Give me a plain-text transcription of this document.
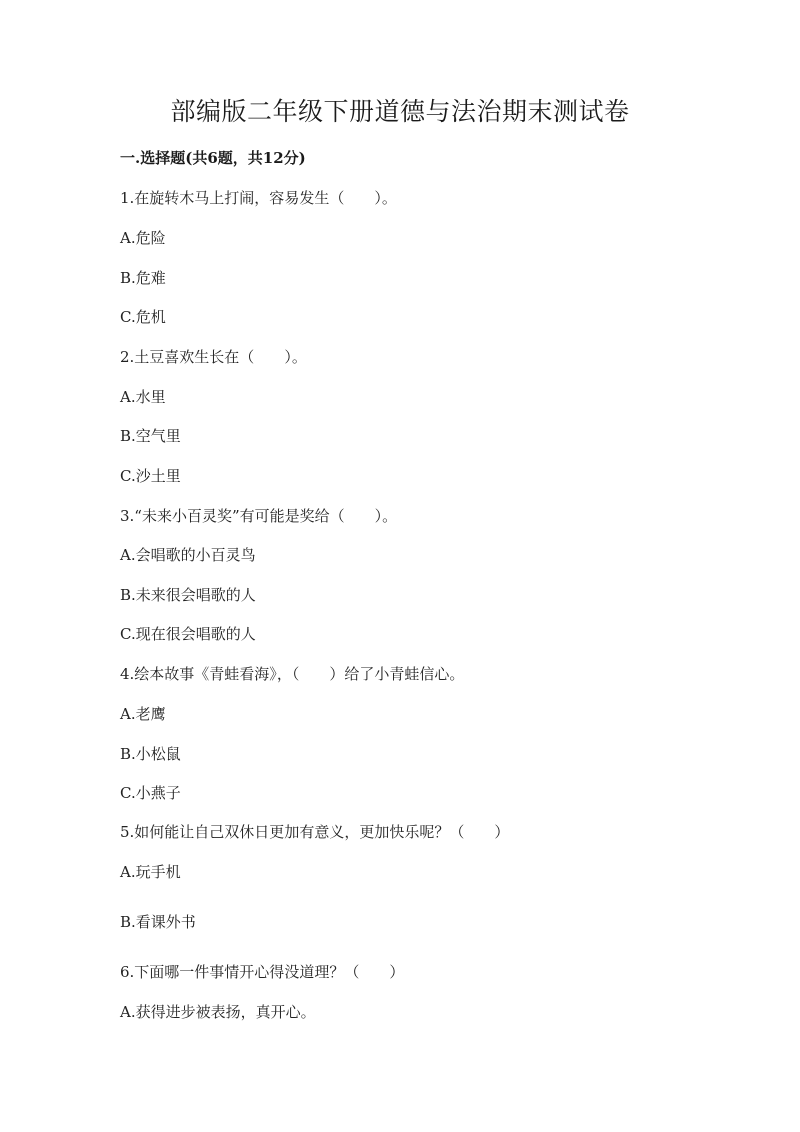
部编版二年级下册道德与法治期末测试卷
一.选择题(共6题，共12分)
1.在旋转木马上打闹，容易发生（　　）。
A.危险
B.危难
C.危机
2.土豆喜欢生长在（　　）。
A.水里
B.空气里
C.沙土里
3.“未来小百灵奖”有可能是奖给（　　）。
A.会唱歌的小百灵鸟
B.未来很会唱歌的人
C.现在很会唱歌的人
4.绘本故事《青蛙看海》，（　　）给了小青蛙信心。
A.老鹰
B.小松鼠
C.小燕子
5.如何能让自己双休日更加有意义，更加快乐呢？（　　）
A.玩手机
B.看课外书
6.下面哪一件事情开心得没道理？（　　）
A.获得进步被表扬，真开心。
